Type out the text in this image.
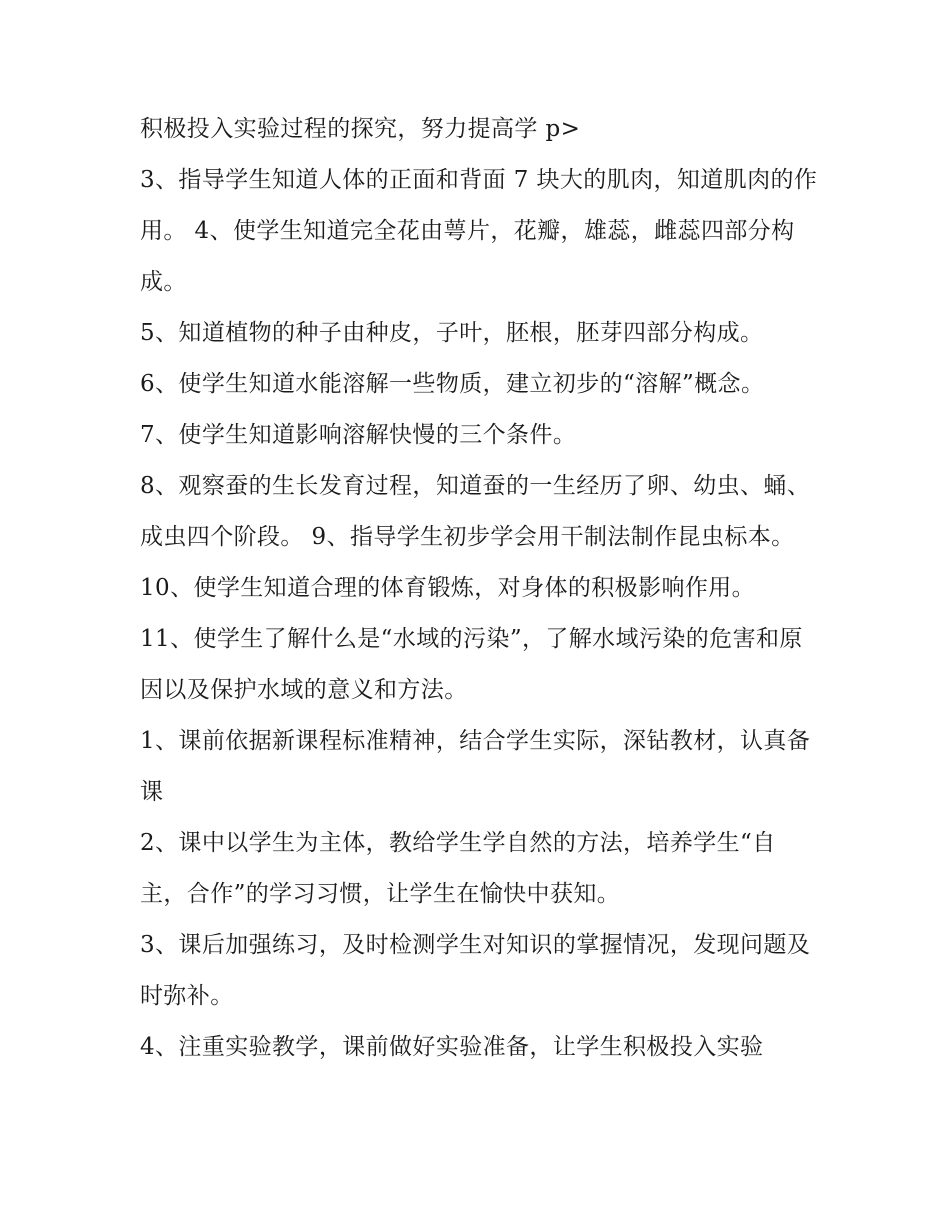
积极投入实验过程的探究，努力提高学 p>

3、指导学生知道人体的正面和背面 7 块大的肌肉，知道肌肉的作用。 4、使学生知道完全花由萼片，花瓣，雄蕊，雌蕊四部分构成。

5、知道植物的种子由种皮，子叶，胚根，胚芽四部分构成。

6、使学生知道水能溶解一些物质，建立初步的“溶解”概念。

7、使学生知道影响溶解快慢的三个条件。

8、观察蚕的生长发育过程，知道蚕的一生经历了卵、幼虫、蛹、成虫四个阶段。 9、指导学生初步学会用干制法制作昆虫标本。

10、使学生知道合理的体育锻炼，对身体的积极影响作用。

11、使学生了解什么是“水域的污染”，了解水域污染的危害和原因以及保护水域的意义和方法。

1、课前依据新课程标准精神，结合学生实际，深钻教材，认真备课

2、课中以学生为主体，教给学生学自然的方法，培养学生“自主，合作”的学习习惯，让学生在愉快中获知。

3、课后加强练习，及时检测学生对知识的掌握情况，发现问题及时弥补。

4、注重实验教学，课前做好实验准备，让学生积极投入实验
